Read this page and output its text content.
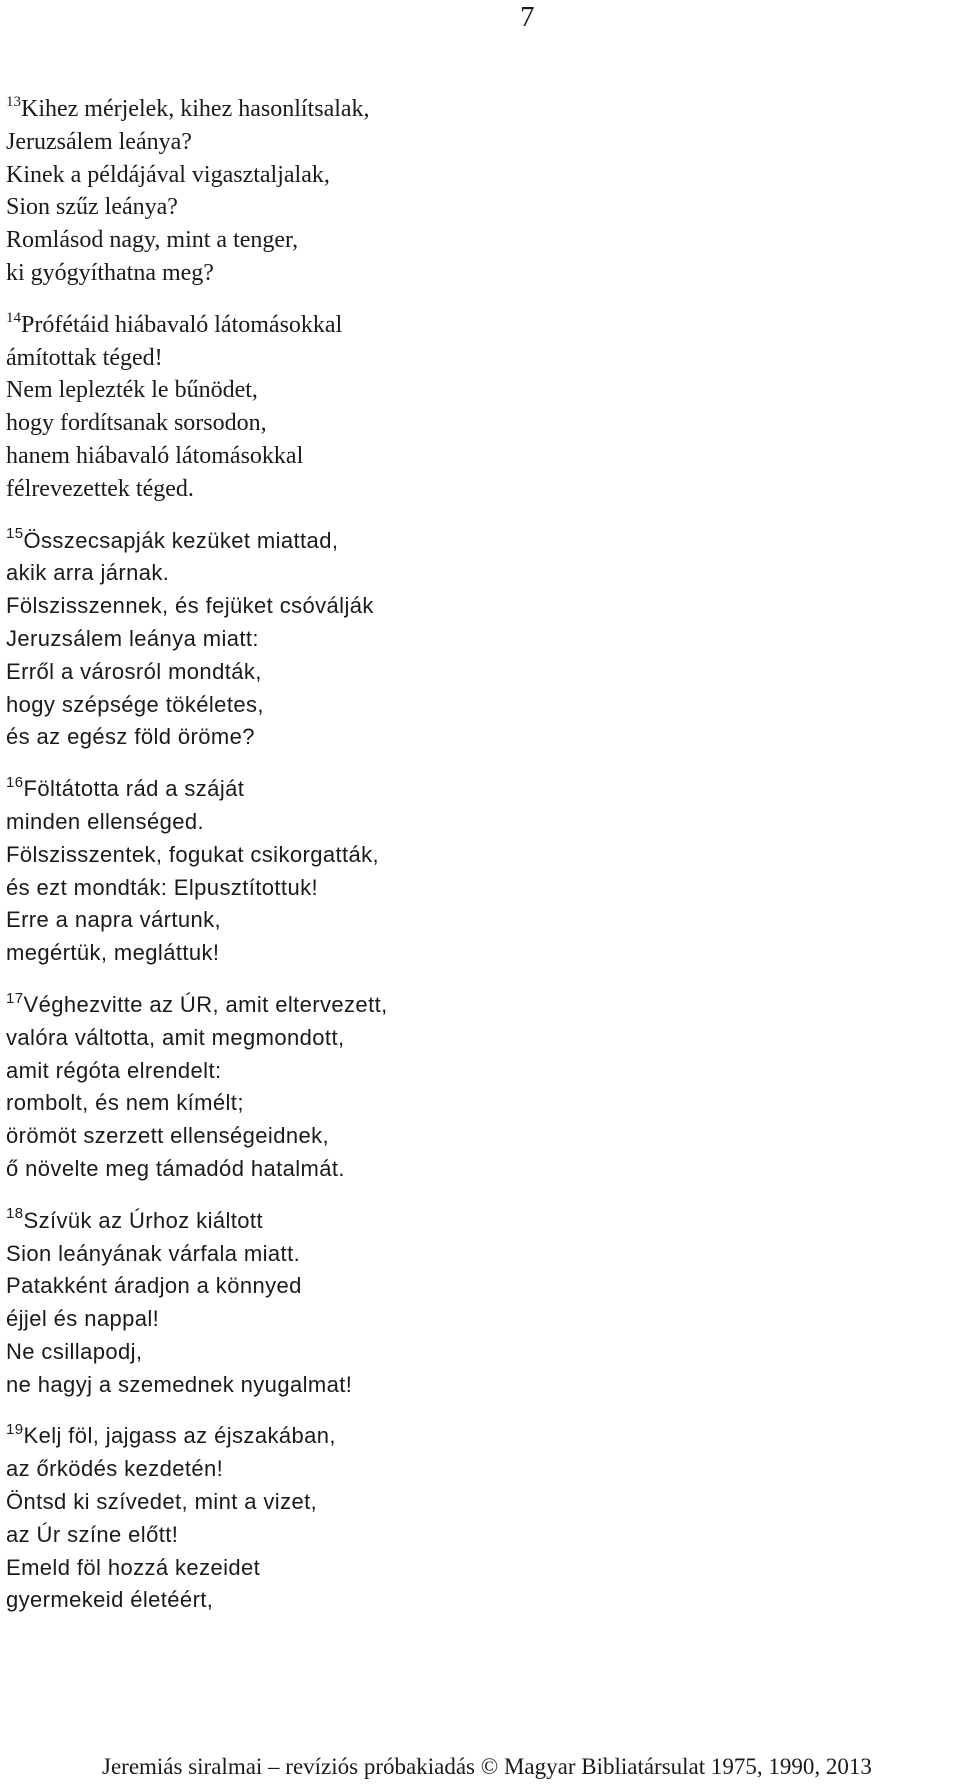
7
$^{13}$Kihez mérjelek, kihez hasonlítsalak,
Jeruzsálem leánya?
Kinek a példájával vigasztaljalak,
Sion szűz leánya?
Romlásod nagy, mint a tenger,
ki gyógyíthatna meg?
$^{14}$Prófétáid hiábavaló látomásokkal
ámítottak téged!
Nem leplezték le bűnödet,
hogy fordítsanak sorsodon,
hanem hiábavaló látomásokkal
félrevezettek téged.
$^{15}$Összecsapják kezüket miattad,
akik arra járnak.
Fölszisszennek, és fejüket csóválják
Jeruzsálem leánya miatt:
Erről a városról mondták,
hogy szépsége tökéletes,
és az egész föld öröme?
$^{16}$Föltátotta rád a száját
minden ellenséged.
Fölszisszentek, fogukat csikorgatták,
és ezt mondták: Elpusztítottuk!
Erre a napra vártunk,
megértük, megláttuk!
$^{17}$Véghezvitte az ÚR, amit eltervezett,
valóra váltotta, amit megmondott,
amit régóta elrendelt:
rombolt, és nem kímélt;
örömöt szerzett ellenségeidnek,
ő növelte meg támadód hatalmát.
$^{18}$Szívük az Úrhoz kiáltott
Sion leányának várfala miatt.
Patakként áradjon a könnyed
éjjel és nappal!
Ne csillapodj,
ne hagyj a szemednek nyugalmat!
$^{19}$Kelj föl, jajgass az éjszakában,
az őrködés kezdetén!
Öntsd ki szívedet, mint a vizet,
az Úr színe előtt!
Emeld föl hozzá kezeidet
gyermekeid életéért,
Jeremiás siralmai – revíziós próbakiadás © Magyar Bibliatársulat 1975, 1990, 2013
